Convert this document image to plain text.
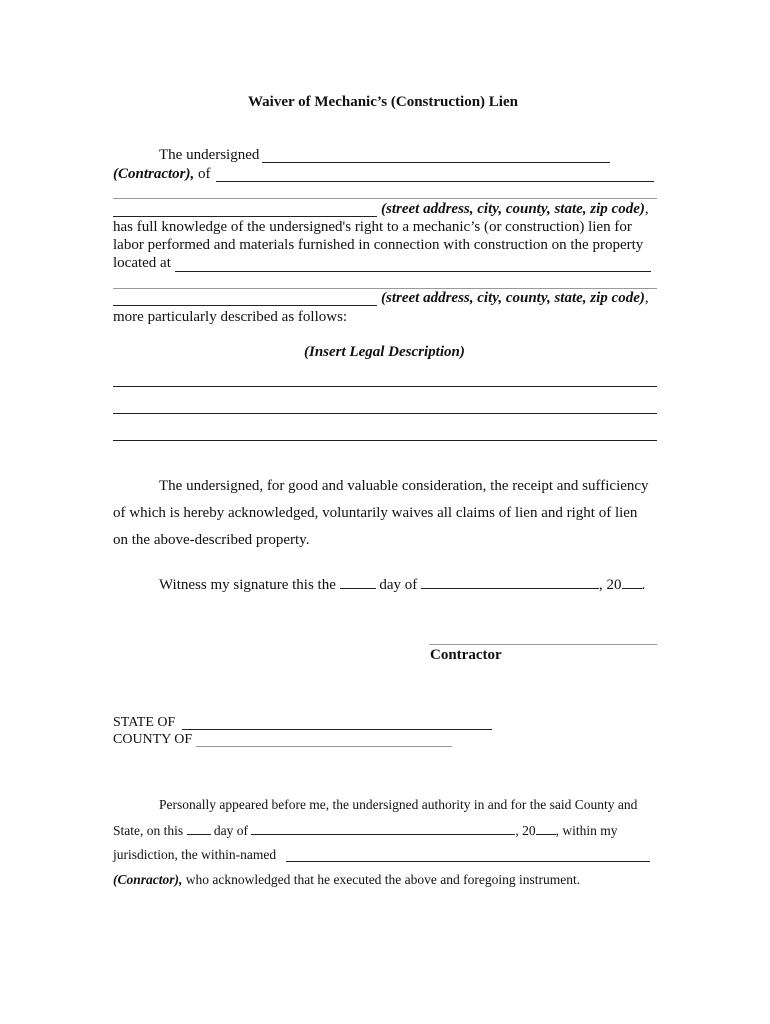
Waiver of Mechanic’s (Construction) Lien
The undersigned
(Contractor), of
(street address, city, county, state, zip code),
has full knowledge of the undersigned's right to a mechanic’s (or construction) lien for
labor performed and materials furnished in connection with construction on the property
located at
(street address, city, county, state, zip code),
more particularly described as follows:
(Insert Legal Description)
The undersigned, for good and valuable consideration, the receipt and sufficiency
of which is hereby acknowledged, voluntarily waives all claims of lien and right of lien
on the above-described property.
Witness my signature this the	day of	, 20 .
Contractor
STATE OF
COUNTY OF
Personally appeared before me, the undersigned authority in and for the said County and
State, on this day of	, 20 , within my
jurisdiction, the within-named
(Conractor), who acknowledged that he executed the above and foregoing instrument.
